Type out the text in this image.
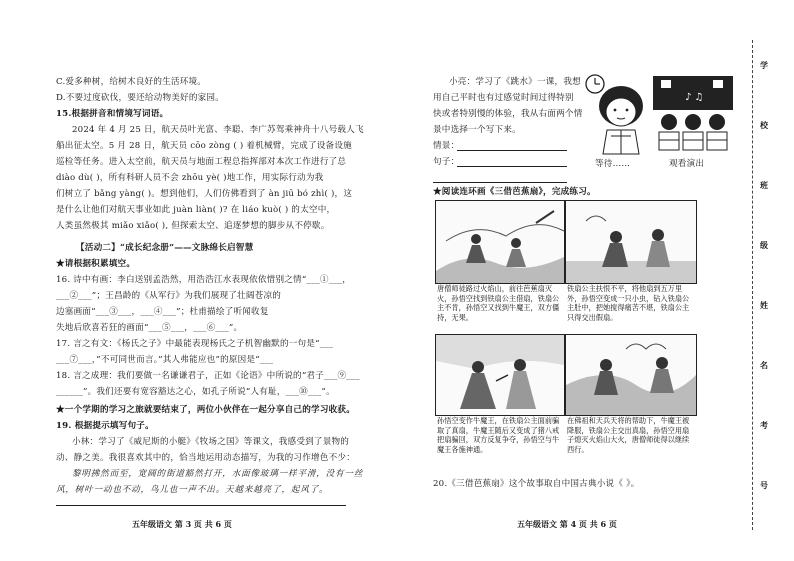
C.爱多种树，给树木良好的生活环境。
D.不要过度砍伐，要还给动物美好的家园。
15.根据拼音和情境写词语。
2024 年 4 月 25 日，航天员叶光富、李聪、李广苏驾乘神舟十八号载人飞
船出征太空。5 月 28 日，航天员 cōo zòng ( ) 着机械臂，完成了设备设施
巡检等任务。进入太空前，航天员与地面工程总指挥部对本次工作进行了总
diào dù( )，所有科研人员不会 zhōu yè( )地工作，用实际行动为我
们树立了 bǎng yàng( )。想到他们，人们仿佛看到了 àn jiū bó zhì( )，这
是什么让他们对航天事业如此 juàn liàn( )? 在 liáo kuò( ) 的太空中，
人类虽然极其 miǎo xiǎo( ), 但探索太空、追逐梦想的脚步从不停歇。
【活动二】“成长纪念册”——文脉绵长启智慧
★请根据积累填空。
16. 诗中有画：李白送别孟浩然，用浩浩江水表现依依惜别之情“___①___，
___②___”；王昌龄的《从军行》为我们展现了壮阔苍凉的
边塞画面“___③___，___④___”；杜甫描绘了听闻收复
失地后欣喜若狂的画面“___⑤___，___⑥___”。
17. 言之有文：《杨氏之子》中最能表现杨氏之子机智幽默的一句是“___
___⑦___，”不可同世而言。”其人弗能应也”的原因是“___
18. 言之成理：我们要做一名谦谦君子，正如《论语》中所说的“君子___⑨___
______”。我们还要有宽容豁达之心，如孔子所说“人有耻，___⑩___”。
★一个学期的学习之旅就要结束了，两位小伙伴在一起分享自己的学习收获。
19. 根据提示填写句子。
小林：学习了《威尼斯的小艇》《牧场之国》等课文，我感受到了景物的
动、静之美。我很喜欢其中的，恰当地运用动态描写，为我的习作增色不少：
黎明拂然而至，宽阔的街道豁然打开，水面像玻璃一样平滑，没有一丝
风，树叶一动也不动，鸟儿也一声不出。天越来越亮了，起风了。
五年级语文 第 3 页 共 6 页
小亮：学习了《跳水》一课，我想
用自己平时也有过感觉时间过得特别
快或者特别慢的体验，我从右面两个情
景中选择一个写下来。
情景：
句子：	等待……
♪ ♫
观看演出
★阅读连环画《三借芭蕉扇》，完成练习。
唐僧师徒路过火焰山，前往芭蕉扇灭火，孙悟空找到铁扇公主借扇，铁扇公主不肯，孙悟空又找到牛魔王，双方僵持，无果。
铁扇公主扶恨不平，将他扇到五万里外，孙悟空变成一只小虫，钻入铁扇公主肚中，把她搅得痛苦不堪，铁扇公主只得交出假扇。
孙悟空变作牛魔王，在铁扇公主面前骗取了真扇，牛魔王随后又变成了猪八戒把扇骗回，双方反复争夺，孙悟空与牛魔王各施神通。
在佛祖和天兵天将的帮助下，牛魔王被降服，铁扇公主交出真扇，孙悟空用扇子熄灭火焰山大火，唐僧师徒得以继续西行。
20.《三借芭蕉扇》这个故事取自中国古典小说《 》。
五年级语文 第 4 页 共 6 页
学
校
班
级
姓
名
考
号
